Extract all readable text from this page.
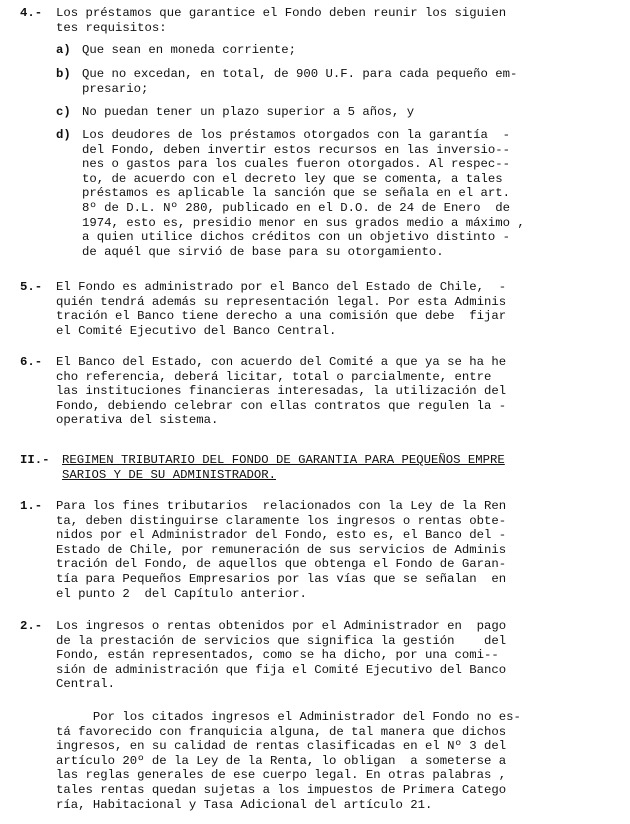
4.- Los préstamos que garantice el Fondo deben reunir los siguien
tes requisitos:
a) Que sean en moneda corriente;
b) Que no excedan, en total, de 900 U.F. para cada pequeño em-
presario;
c) No puedan tener un plazo superior a 5 años, y
d) Los deudores de los préstamos otorgados con la garantía  -
del Fondo, deben invertir estos recursos en las inversio--
nes o gastos para los cuales fueron otorgados. Al respec--
to, de acuerdo con el decreto ley que se comenta, a tales
préstamos es aplicable la sanción que se señala en el art.
8º de D.L. Nº 280, publicado en el D.O. de 24 de Enero  de
1974, esto es, presidio menor en sus grados medio a máximo ,
a quien utilice dichos créditos con un objetivo distinto -
de aquél que sirvió de base para su otorgamiento.
5.- El Fondo es administrado por el Banco del Estado de Chile,  -
quién tendrá además su representación legal. Por esta Adminis
tración el Banco tiene derecho a una comisión que debe  fijar
el Comité Ejecutivo del Banco Central.
6.- El Banco del Estado, con acuerdo del Comité a que ya se ha he
cho referencia, deberá licitar, total o parcialmente, entre
las instituciones financieras interesadas, la utilización del
Fondo, debiendo celebrar con ellas contratos que regulen la -
operativa del sistema.
II.- REGIMEN TRIBUTARIO DEL FONDO DE GARANTIA PARA PEQUEÑOS EMPRE
SARIOS Y DE SU ADMINISTRADOR.
1.- Para los fines tributarios  relacionados con la Ley de la Ren
ta, deben distinguirse claramente los ingresos o rentas obte-
nidos por el Administrador del Fondo, esto es, el Banco del -
Estado de Chile, por remuneración de sus servicios de Adminis
tración del Fondo, de aquellos que obtenga el Fondo de Garan-
tía para Pequeños Empresarios por las vías que se señalan  en
el punto 2  del Capítulo anterior.
2.- Los ingresos o rentas obtenidos por el Administrador en  pago
de la prestación de servicios que significa la gestión    del
Fondo, están representados, como se ha dicho, por una comi--
sión de administración que fija el Comité Ejecutivo del Banco
Central.
Por los citados ingresos el Administrador del Fondo no es-
tá favorecido con franquicia alguna, de tal manera que dichos
ingresos, en su calidad de rentas clasificadas en el Nº 3 del
artículo 20º de la Ley de la Renta, lo obligan  a someterse a
las reglas generales de ese cuerpo legal. En otras palabras ,
tales rentas quedan sujetas a los impuestos de Primera Catego
ría, Habitacional y Tasa Adicional del artículo 21.
